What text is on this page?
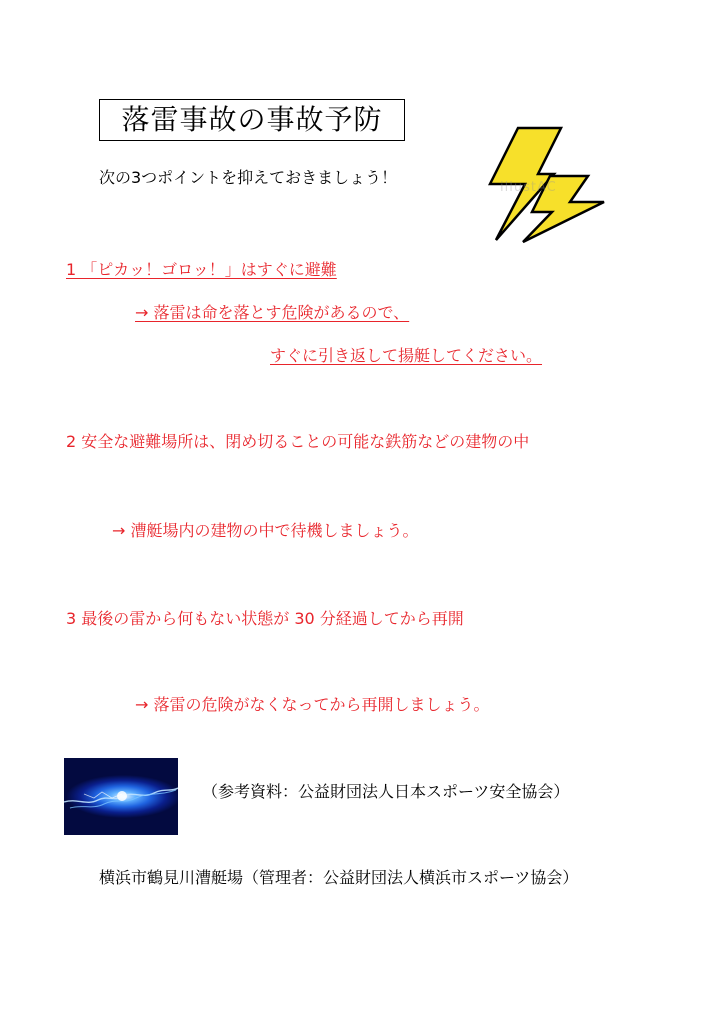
落雷事故の事故予防
次の3つポイントを抑えておきましょう！
illustAC
1 「ピカッ！ゴロッ！」はすぐに避難
→ 落雷は命を落とす危険があるので、
すぐに引き返して揚艇してください。
2 安全な避難場所は、閉め切ることの可能な鉄筋などの建物の中
→ 漕艇場内の建物の中で待機しましょう。
3 最後の雷から何もない状態が 30 分経過してから再開
→ 落雷の危険がなくなってから再開しましょう。
（参考資料：公益財団法人日本スポーツ安全協会）
横浜市鶴見川漕艇場（管理者：公益財団法人横浜市スポーツ協会）
